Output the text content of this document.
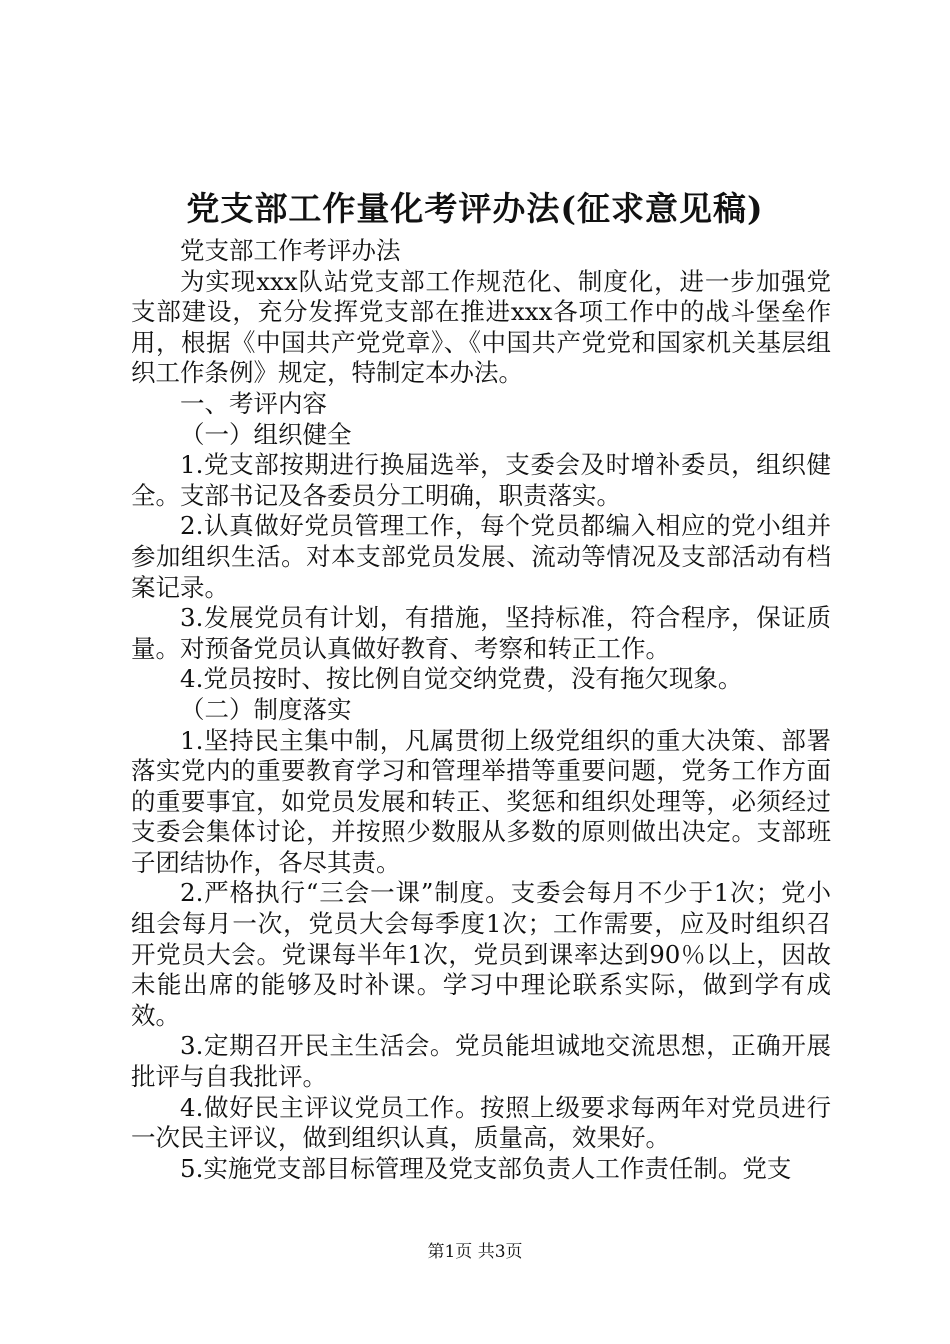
党支部工作量化考评办法(征求意见稿)

党支部工作考评办法

为实现xxx队站党支部工作规范化、制度化，进一步加强党支部建设，充分发挥党支部在推进xxx各项工作中的战斗堡垒作用，根据《中国共产党党章》、《中国共产党党和国家机关基层组织工作条例》规定，特制定本办法。

一、考评内容

（一）组织健全

1.党支部按期进行换届选举，支委会及时增补委员，组织健全。支部书记及各委员分工明确，职责落实。

2.认真做好党员管理工作，每个党员都编入相应的党小组并参加组织生活。对本支部党员发展、流动等情况及支部活动有档案记录。

3.发展党员有计划，有措施，坚持标准，符合程序，保证质量。对预备党员认真做好教育、考察和转正工作。

4.党员按时、按比例自觉交纳党费，没有拖欠现象。

（二）制度落实

1.坚持民主集中制，凡属贯彻上级党组织的重大决策、部署落实党内的重要教育学习和管理举措等重要问题，党务工作方面的重要事宜，如党员发展和转正、奖惩和组织处理等，必须经过支委会集体讨论，并按照少数服从多数的原则做出决定。支部班子团结协作，各尽其责。

2.严格执行“三会一课”制度。支委会每月不少于1次；党小组会每月一次，党员大会每季度1次；工作需要，应及时组织召开党员大会。党课每半年1次，党员到课率达到90％以上，因故未能出席的能够及时补课。学习中理论联系实际，做到学有成效。

3.定期召开民主生活会。党员能坦诚地交流思想，正确开展批评与自我批评。

4.做好民主评议党员工作。按照上级要求每两年对党员进行一次民主评议，做到组织认真，质量高，效果好。

5.实施党支部目标管理及党支部负责人工作责任制。党支

第1页 共3页
